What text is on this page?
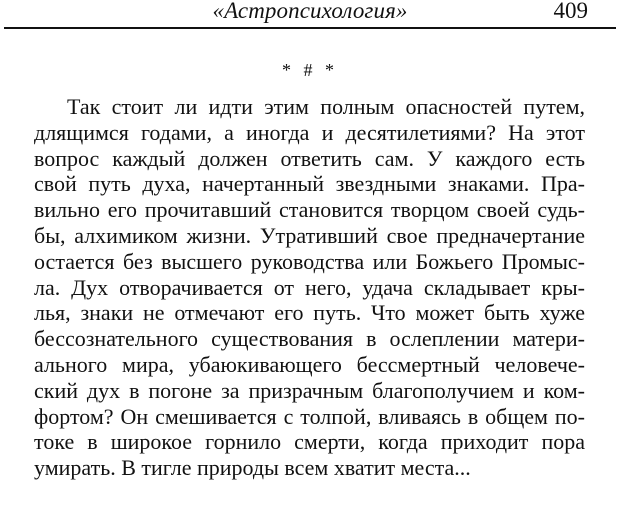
«Астропсихология»	409
* # *
Так стоит ли идти этим полным опасностей путем,
длящимся годами, а иногда и десятилетиями? На этот
вопрос каждый должен ответить сам. У каждого есть
свой путь духа, начертанный звездными знаками. Пра-
вильно его прочитавший становится творцом своей судь-
бы, алхимиком жизни. Утративший свое предначертание
остается без высшего руководства или Божьего Промыс-
ла. Дух отворачивается от него, удача складывает кры-
лья, знаки не отмечают его путь. Что может быть хуже
бессознательного существования в ослеплении матери-
ального мира, убаюкивающего бессмертный человече-
ский дух в погоне за призрачным благополучием и ком-
фортом? Он смешивается с толпой, вливаясь в общем по-
токе в широкое горнило смерти, когда приходит пора
умирать. В тигле природы всем хватит места...
